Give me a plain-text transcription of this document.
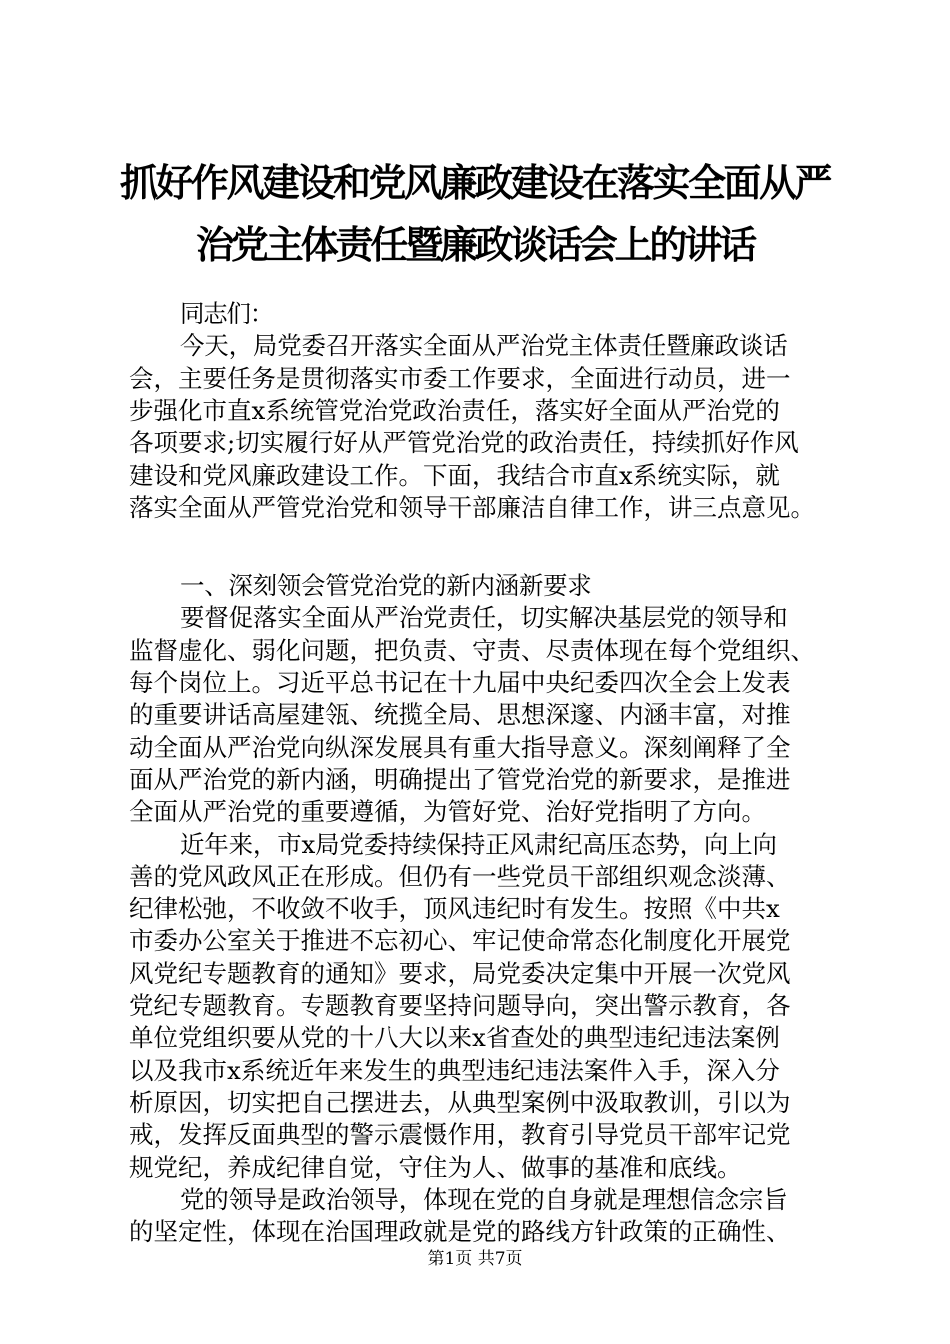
抓好作风建设和党风廉政建设在落实全面从严
治党主体责任暨廉政谈话会上的讲话
同志们：
今天，局党委召开落实全面从严治党主体责任暨廉政谈话
会，主要任务是贯彻落实市委工作要求，全面进行动员，进一
步强化市直x系统管党治党政治责任，落实好全面从严治党的
各项要求;切实履行好从严管党治党的政治责任，持续抓好作风
建设和党风廉政建设工作。下面，我结合市直x系统实际，就
落实全面从严管党治党和领导干部廉洁自律工作，讲三点意见。
一、深刻领会管党治党的新内涵新要求
要督促落实全面从严治党责任，切实解决基层党的领导和
监督虚化、弱化问题，把负责、守责、尽责体现在每个党组织、
每个岗位上。习近平总书记在十九届中央纪委四次全会上发表
的重要讲话高屋建瓴、统揽全局、思想深邃、内涵丰富，对推
动全面从严治党向纵深发展具有重大指导意义。深刻阐释了全
面从严治党的新内涵，明确提出了管党治党的新要求，是推进
全面从严治党的重要遵循，为管好党、治好党指明了方向。
近年来，市x局党委持续保持正风肃纪高压态势，向上向
善的党风政风正在形成。但仍有一些党员干部组织观念淡薄、
纪律松弛，不收敛不收手，顶风违纪时有发生。按照《中共x
市委办公室关于推进不忘初心、牢记使命常态化制度化开展党
风党纪专题教育的通知》要求，局党委决定集中开展一次党风
党纪专题教育。专题教育要坚持问题导向，突出警示教育，各
单位党组织要从党的十八大以来x省查处的典型违纪违法案例
以及我市x系统近年来发生的典型违纪违法案件入手，深入分
析原因，切实把自己摆进去，从典型案例中汲取教训，引以为
戒，发挥反面典型的警示震慑作用，教育引导党员干部牢记党
规党纪，养成纪律自觉，守住为人、做事的基准和底线。
党的领导是政治领导，体现在党的自身就是理想信念宗旨
的坚定性，体现在治国理政就是党的路线方针政策的正确性、
第1页 共7页
